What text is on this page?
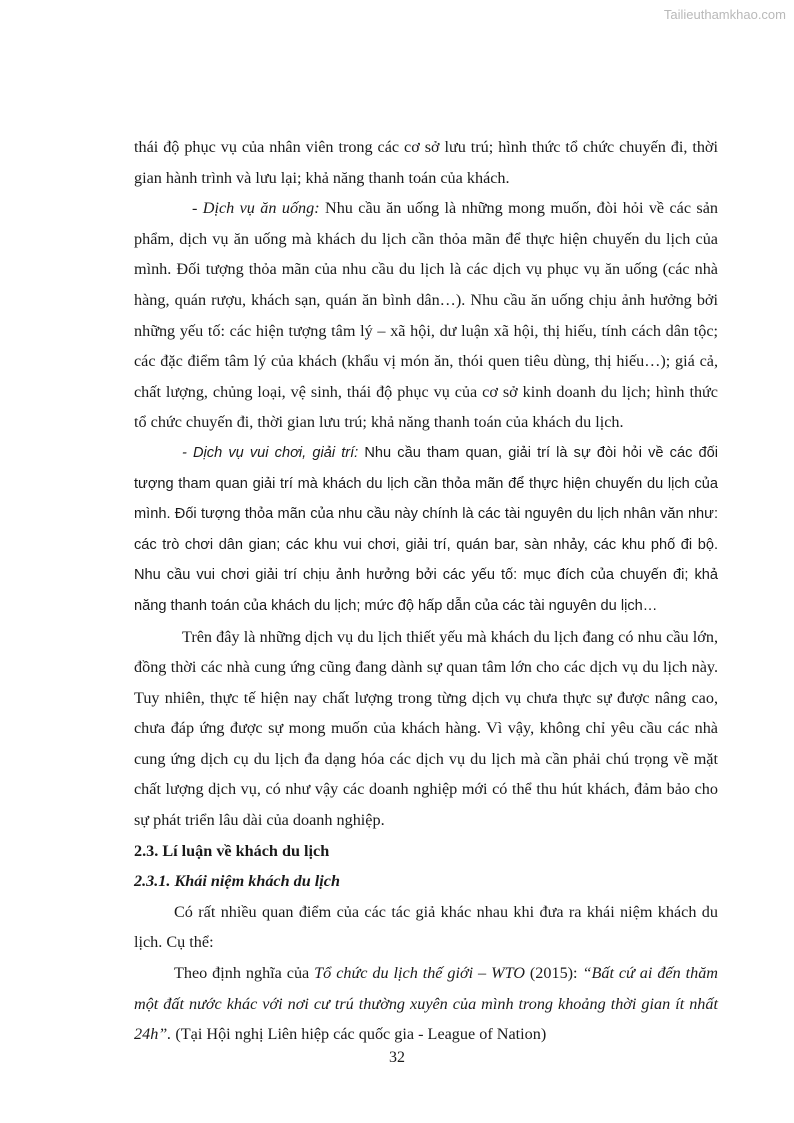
Tailieuthamkhao.com

thái độ phục vụ của nhân viên trong các cơ sở lưu trú; hình thức tổ chức chuyến đi, thời gian hành trình và lưu lại; khả năng thanh toán của khách.

- Dịch vụ ăn uống: Nhu cầu ăn uống là những mong muốn, đòi hỏi về các sản phẩm, dịch vụ ăn uống mà khách du lịch cần thỏa mãn để thực hiện chuyến du lịch của mình. Đối tượng thỏa mãn của nhu cầu du lịch là các dịch vụ phục vụ ăn uống (các nhà hàng, quán rượu, khách sạn, quán ăn bình dân…). Nhu cầu ăn uống chịu ảnh hưởng bởi những yếu tố: các hiện tượng tâm lý – xã hội, dư luận xã hội, thị hiếu, tính cách dân tộc; các đặc điểm tâm lý của khách (khẩu vị món ăn, thói quen tiêu dùng, thị hiếu…); giá cả, chất lượng, chủng loại, vệ sinh, thái độ phục vụ của cơ sở kinh doanh du lịch; hình thức tổ chức chuyến đi, thời gian lưu trú; khả năng thanh toán của khách du lịch.

- Dịch vụ vui chơi, giải trí: Nhu cầu tham quan, giải trí là sự đòi hỏi về các đối tượng tham quan giải trí mà khách du lịch cần thỏa mãn để thực hiện chuyến du lịch của mình. Đối tượng thỏa mãn của nhu cầu này chính là các tài nguyên du lịch nhân văn như: các trò chơi dân gian; các khu vui chơi, giải trí, quán bar, sàn nhảy, các khu phố đi bộ. Nhu cầu vui chơi giải trí chịu ảnh hưởng bởi các yếu tố: mục đích của chuyến đi; khả năng thanh toán của khách du lịch; mức độ hấp dẫn của các tài nguyên du lịch…

Trên đây là những dịch vụ du lịch thiết yếu mà khách du lịch đang có nhu cầu lớn, đồng thời các nhà cung ứng cũng đang dành sự quan tâm lớn cho các dịch vụ du lịch này. Tuy nhiên, thực tế hiện nay chất lượng trong từng dịch vụ chưa thực sự được nâng cao, chưa đáp ứng được sự mong muốn của khách hàng. Vì vậy, không chỉ yêu cầu các nhà cung ứng dịch cụ du lịch đa dạng hóa các dịch vụ du lịch mà cần phải chú trọng về mặt chất lượng dịch vụ, có như vậy các doanh nghiệp mới có thể thu hút khách, đảm bảo cho sự phát triển lâu dài của doanh nghiệp.

2.3. Lí luận về khách du lịch

2.3.1. Khái niệm khách du lịch

Có rất nhiều quan điểm của các tác giả khác nhau khi đưa ra khái niệm khách du lịch. Cụ thể:

Theo định nghĩa của Tổ chức du lịch thế giới – WTO (2015): “Bất cứ ai đến thăm một đất nước khác với nơi cư trú thường xuyên của mình trong khoảng thời gian ít nhất 24h”. (Tại Hội nghị Liên hiệp các quốc gia - League of Nation)

32
